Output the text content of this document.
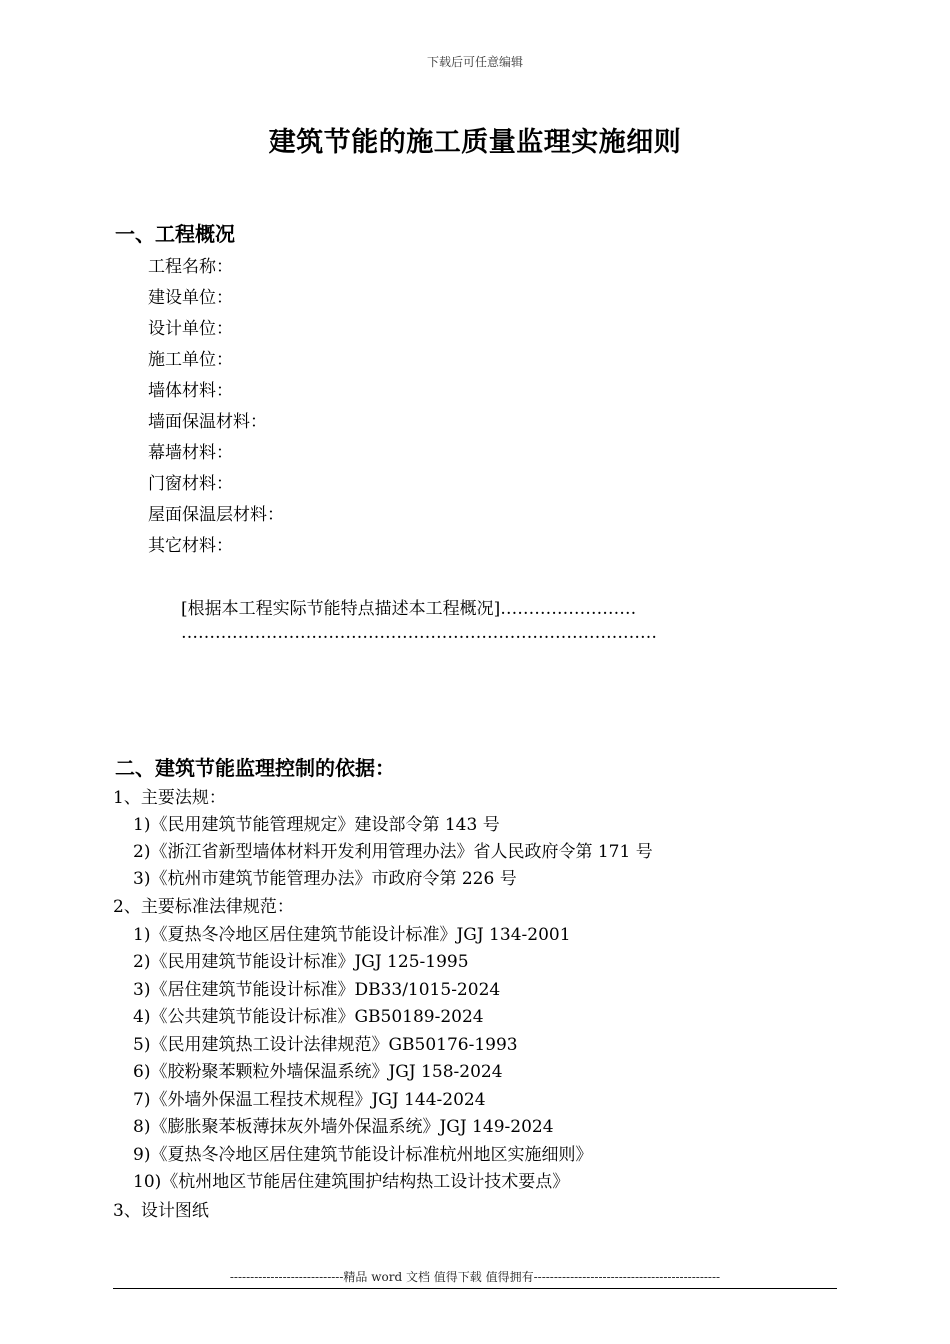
下载后可任意编辑
建筑节能的施工质量监理实施细则
一、工程概况
工程名称：
建设单位：
设计单位：
施工单位：
墙体材料：
墙面保温材料：
幕墙材料：
门窗材料：
屋面保温层材料：
其它材料：
[根据本工程实际节能特点描述本工程概况]……………………
…………………………………………………………………………
二、建筑节能监理控制的依据：
1、主要法规：
1)《民用建筑节能管理规定》建设部令第 143 号
2)《浙江省新型墙体材料开发利用管理办法》省人民政府令第 171 号
3)《杭州市建筑节能管理办法》市政府令第 226 号
2、主要标准法律规范：
1)《夏热冬冷地区居住建筑节能设计标准》JGJ 134-2001
2)《民用建筑节能设计标准》JGJ 125-1995
3)《居住建筑节能设计标准》DB33/1015-2024
4)《公共建筑节能设计标准》GB50189-2024
5)《民用建筑热工设计法律规范》GB50176-1993
6)《胶粉聚苯颗粒外墙保温系统》JGJ 158-2024
7)《外墙外保温工程技术规程》JGJ 144-2024
8)《膨胀聚苯板薄抹灰外墙外保温系统》JGJ 149-2024
9)《夏热冬冷地区居住建筑节能设计标准杭州地区实施细则》
10)《杭州地区节能居住建筑围护结构热工设计技术要点》
3、设计图纸
----------------------------精品 word 文档 值得下载 值得拥有----------------------------------------------
